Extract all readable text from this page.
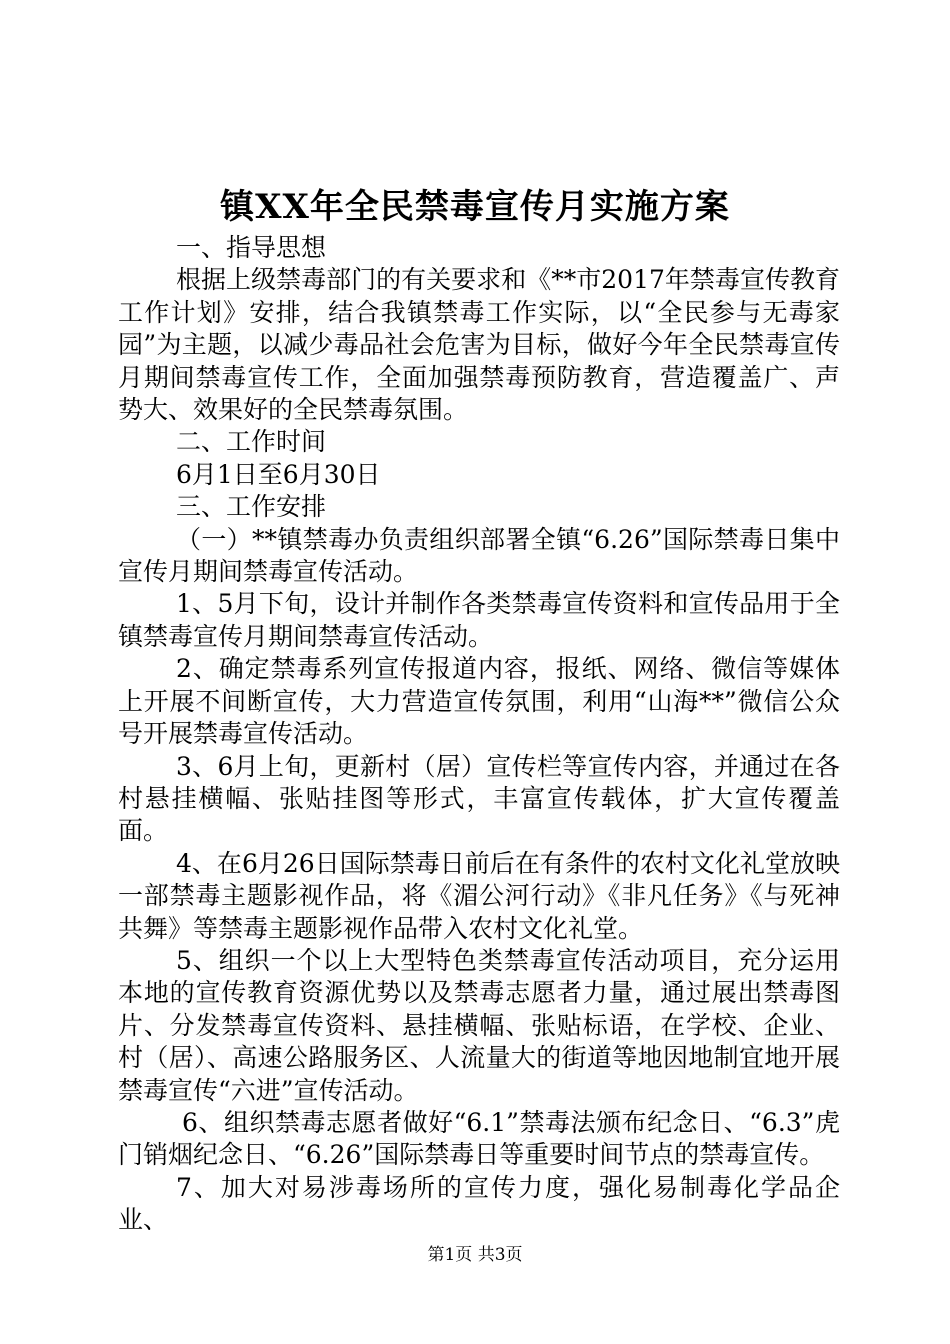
镇XX年全民禁毒宣传月实施方案

一、指导思想

根据上级禁毒部门的有关要求和《**市2017年禁毒宣传教育工作计划》安排，结合我镇禁毒工作实际，以“全民参与无毒家园”为主题，以减少毒品社会危害为目标，做好今年全民禁毒宣传月期间禁毒宣传工作，全面加强禁毒预防教育，营造覆盖广、声势大、效果好的全民禁毒氛围。

二、工作时间

6月1日至6月30日

三、工作安排

（一）**镇禁毒办负责组织部署全镇“6.26”国际禁毒日集中宣传月期间禁毒宣传活动。

1、5月下旬，设计并制作各类禁毒宣传资料和宣传品用于全镇禁毒宣传月期间禁毒宣传活动。

2、确定禁毒系列宣传报道内容，报纸、网络、微信等媒体上开展不间断宣传，大力营造宣传氛围，利用“山海**”微信公众号开展禁毒宣传活动。

3、6月上旬，更新村（居）宣传栏等宣传内容，并通过在各村悬挂横幅、张贴挂图等形式，丰富宣传载体，扩大宣传覆盖面。

4、在6月26日国际禁毒日前后在有条件的农村文化礼堂放映一部禁毒主题影视作品，将《湄公河行动》《非凡任务》《与死神共舞》等禁毒主题影视作品带入农村文化礼堂。

5、组织一个以上大型特色类禁毒宣传活动项目，充分运用本地的宣传教育资源优势以及禁毒志愿者力量，通过展出禁毒图片、分发禁毒宣传资料、悬挂横幅、张贴标语，在学校、企业、村（居）、高速公路服务区、人流量大的街道等地因地制宜地开展禁毒宣传“六进”宣传活动。

6、组织禁毒志愿者做好“6.1”禁毒法颁布纪念日、“6.3”虎门销烟纪念日、“6.26”国际禁毒日等重要时间节点的禁毒宣传。

7、加大对易涉毒场所的宣传力度，强化易制毒化学品企业、

第1页 共3页
